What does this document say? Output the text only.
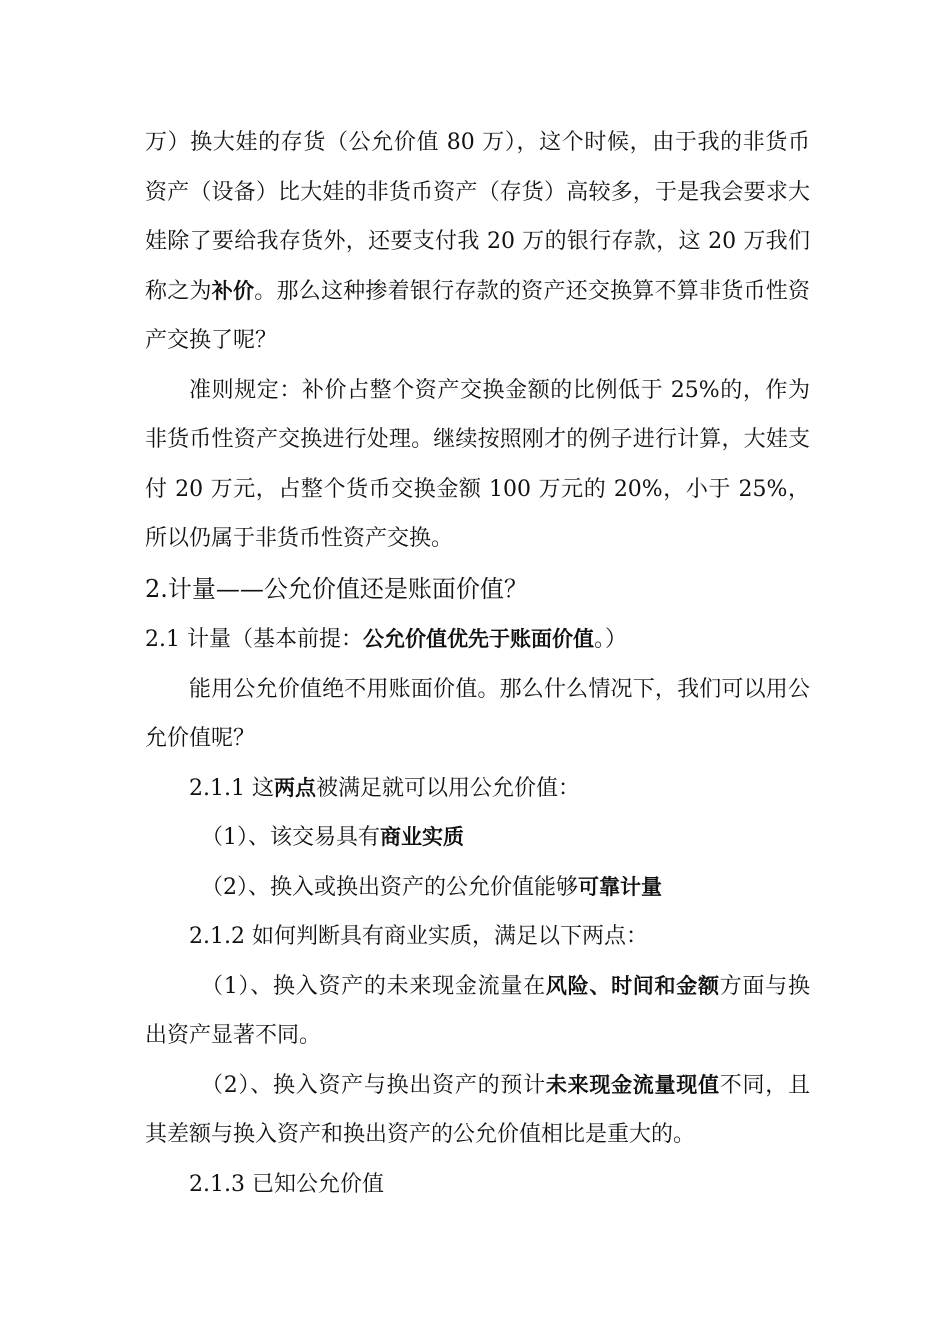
万）换大娃的存货（公允价值 80 万），这个时候，由于我的非货币资产（设备）比大娃的非货币资产（存货）高较多，于是我会要求大娃除了要给我存货外，还要支付我 20 万的银行存款，这 20 万我们称之为补价。那么这种掺着银行存款的资产还交换算不算非货币性资产交换了呢？

准则规定：补价占整个资产交换金额的比例低于 25%的，作为非货币性资产交换进行处理。继续按照刚才的例子进行计算，大娃支付 20 万元，占整个货币交换金额 100 万元的 20%，小于 25%，所以仍属于非货币性资产交换。

2.计量——公允价值还是账面价值？

2.1 计量（基本前提：公允价值优先于账面价值。）

能用公允价值绝不用账面价值。那么什么情况下，我们可以用公允价值呢？

2.1.1 这两点被满足就可以用公允价值：

（1）、该交易具有商业实质

（2）、换入或换出资产的公允价值能够可靠计量

2.1.2 如何判断具有商业实质，满足以下两点：

（1）、换入资产的未来现金流量在风险、时间和金额方面与换出资产显著不同。

（2）、换入资产与换出资产的预计未来现金流量现值不同，且其差额与换入资产和换出资产的公允价值相比是重大的。

2.1.3 已知公允价值
